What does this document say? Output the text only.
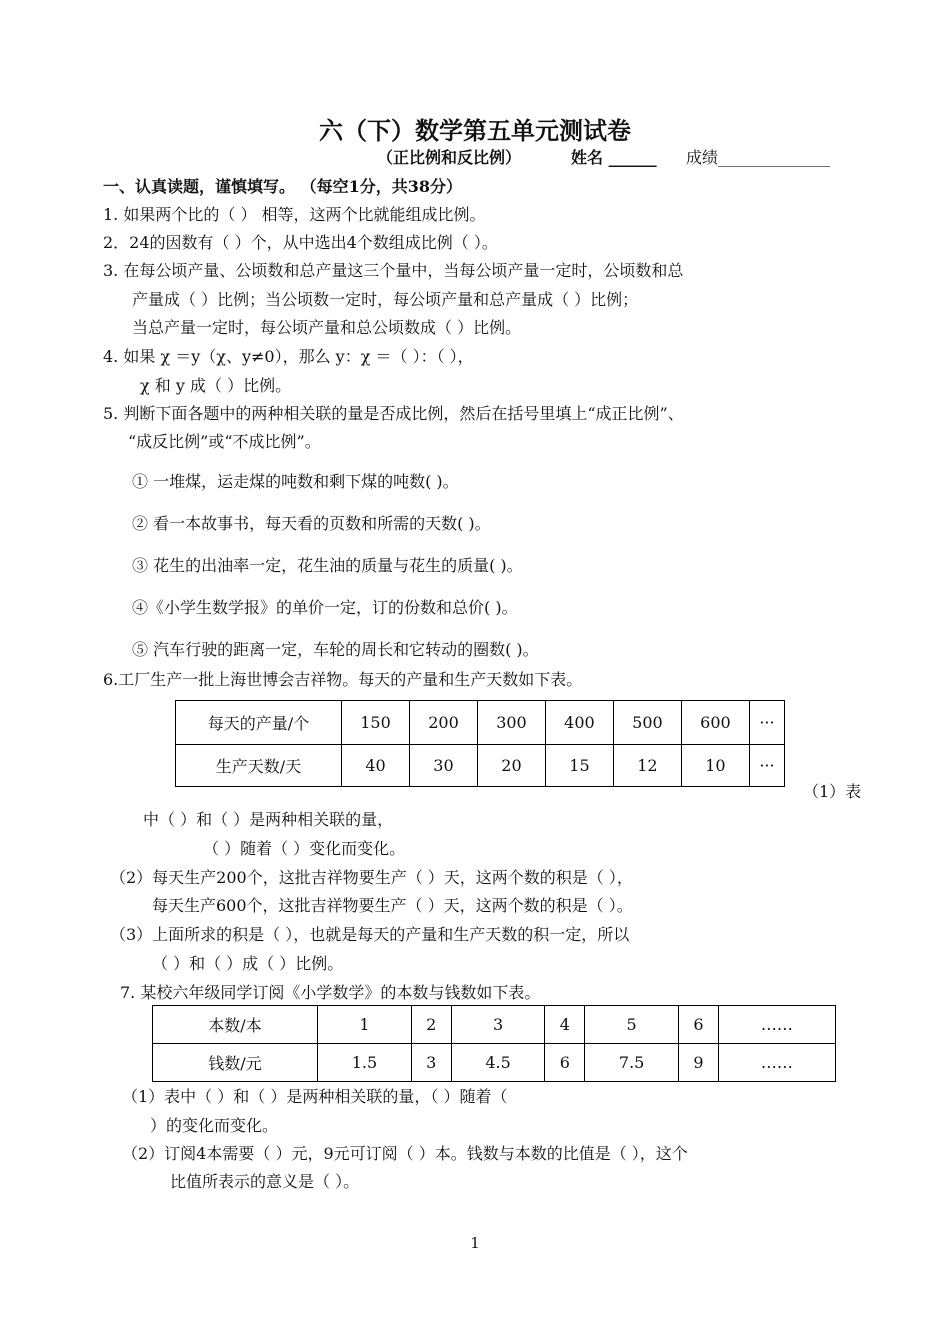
六（下）数学第五单元测试卷
（正比例和反比例）	姓名 ______ 成绩______________
一、认真读题，谨慎填写。 （每空1分，共38分）
1. 如果两个比的（ ） 相等，这两个比就能组成比例。
2．24的因数有（ ）个，从中选出4个数组成比例（ ）。
3. 在每公顷产量、公顷数和总产量这三个量中，当每公顷产量一定时，公顷数和总
产量成（ ）比例；当公顷数一定时，每公顷产量和总产量成（ ）比例；
当总产量一定时，每公顷产量和总公顷数成（ ）比例。
4. 如果 χ ＝y（χ、y≠0），那么 y：χ ＝（ ）：（ ），
χ 和 y 成（ ）比例。
5. 判断下面各题中的两种相关联的量是否成比例，然后在括号里填上“成正比例”、
“成反比例”或“不成比例”。
① 一堆煤，运走煤的吨数和剩下煤的吨数( )。
② 看一本故事书，每天看的页数和所需的天数( )。
③ 花生的出油率一定，花生油的质量与花生的质量( )。
④《小学生数学报》的单价一定，订的份数和总价( )。
⑤ 汽车行驶的距离一定，车轮的周长和它转动的圈数( )。
6.工厂生产一批上海世博会吉祥物。每天的产量和生产天数如下表。
每天的产量/个	150	200	300	400	500	600	···
生产天数/天	40	30	20	15	12	10	···
（1）表
中（ ）和（ ）是两种相关联的量，
（ ）随着（ ）变化而变化。
（2）每天生产200个，这批吉祥物要生产（ ）天，这两个数的积是（ ），
每天生产600个，这批吉祥物要生产（ ）天，这两个数的积是（ ）。
（3）上面所求的积是（ ），也就是每天的产量和生产天数的积一定，所以
（ ）和（ ）成（ ）比例。
7. 某校六年级同学订阅《小学数学》的本数与钱数如下表。
本数/本	1	2	3	4	5	6	……
钱数/元	1.5	3	4.5	6	7.5	9	……
（1）表中（ ）和（ ）是两种相关联的量，（ ）随着（
）的变化而变化。
（2）订阅4本需要（ ）元，9元可订阅（ ）本。钱数与本数的比值是（ ），这个
比值所表示的意义是（ ）。
1
